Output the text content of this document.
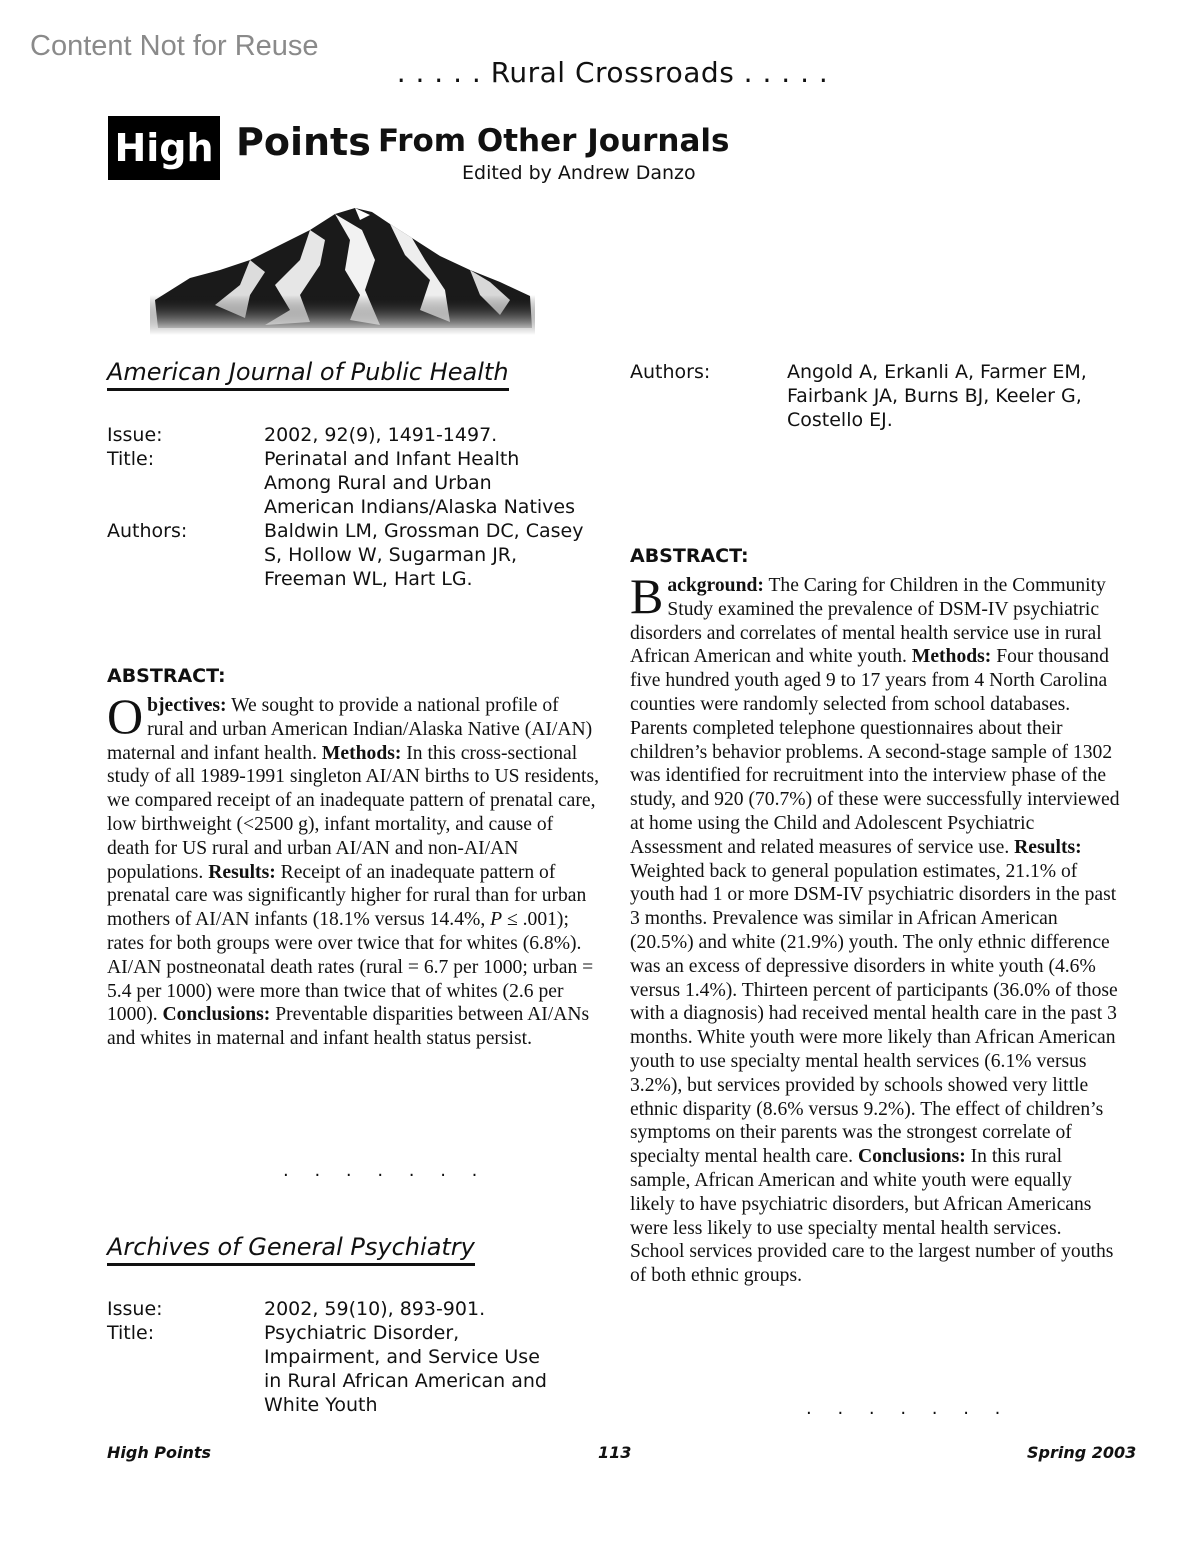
Content Not for Reuse
. . . . . Rural Crossroads . . . . .
High Points From Other Journals
Edited by Andrew Danzo
American Journal of Public Health
Issue:	2002, 92(9), 1491-1497.
Title:	Perinatal and Infant Health Among Rural and Urban American Indians/Alaska Natives
Authors:	Baldwin LM, Grossman DC, Casey S, Hollow W, Sugarman JR, Freeman WL, Hart LG.
ABSTRACT:
Objectives: We sought to provide a national profile of rural and urban American Indian/Alaska Native (AI/AN) maternal and infant health. Methods: In this cross-sectional study of all 1989-1991 singleton AI/AN births to US residents, we compared receipt of an inadequate pattern of prenatal care, low birthweight (<2500 g), infant mortality, and cause of death for US rural and urban AI/AN and non-AI/AN populations. Results: Receipt of an inadequate pattern of prenatal care was significantly higher for rural than for urban mothers of AI/AN infants (18.1% versus 14.4%, P ≤ .001); rates for both groups were over twice that for whites (6.8%). AI/AN postneonatal death rates (rural = 6.7 per 1000; urban = 5.4 per 1000) were more than twice that of whites (2.6 per 1000). Conclusions: Preventable disparities between AI/ANs and whites in maternal and infant health status persist.
. . . . . . .
Archives of General Psychiatry
Issue:	2002, 59(10), 893-901.
Title:	Psychiatric Disorder, Impairment, and Service Use in Rural African American and White Youth
Authors:	Angold A, Erkanli A, Farmer EM, Fairbank JA, Burns BJ, Keeler G, Costello EJ.
ABSTRACT:
Background: The Caring for Children in the Community Study examined the prevalence of DSM-IV psychiatric disorders and correlates of mental health service use in rural African American and white youth. Methods: Four thousand five hundred youth aged 9 to 17 years from 4 North Carolina counties were randomly selected from school databases. Parents completed telephone questionnaires about their children’s behavior problems. A second-stage sample of 1302 was identified for recruitment into the interview phase of the study, and 920 (70.7%) of these were successfully interviewed at home using the Child and Adolescent Psychiatric Assessment and related measures of service use. Results: Weighted back to general population estimates, 21.1% of youth had 1 or more DSM-IV psychiatric disorders in the past 3 months. Prevalence was similar in African American (20.5%) and white (21.9%) youth. The only ethnic difference was an excess of depressive disorders in white youth (4.6% versus 1.4%). Thirteen percent of participants (36.0% of those with a diagnosis) had received mental health care in the past 3 months. White youth were more likely than African American youth to use specialty mental health services (6.1% versus 3.2%), but services provided by schools showed very little ethnic disparity (8.6% versus 9.2%). The effect of children’s symptoms on their parents was the strongest correlate of specialty mental health care. Conclusions: In this rural sample, African American and white youth were equally likely to have psychiatric disorders, but African Americans were less likely to use specialty mental health services. School services provided care to the largest number of youths of both ethnic groups.
. . . . . . .
High Points	113	Spring 2003
